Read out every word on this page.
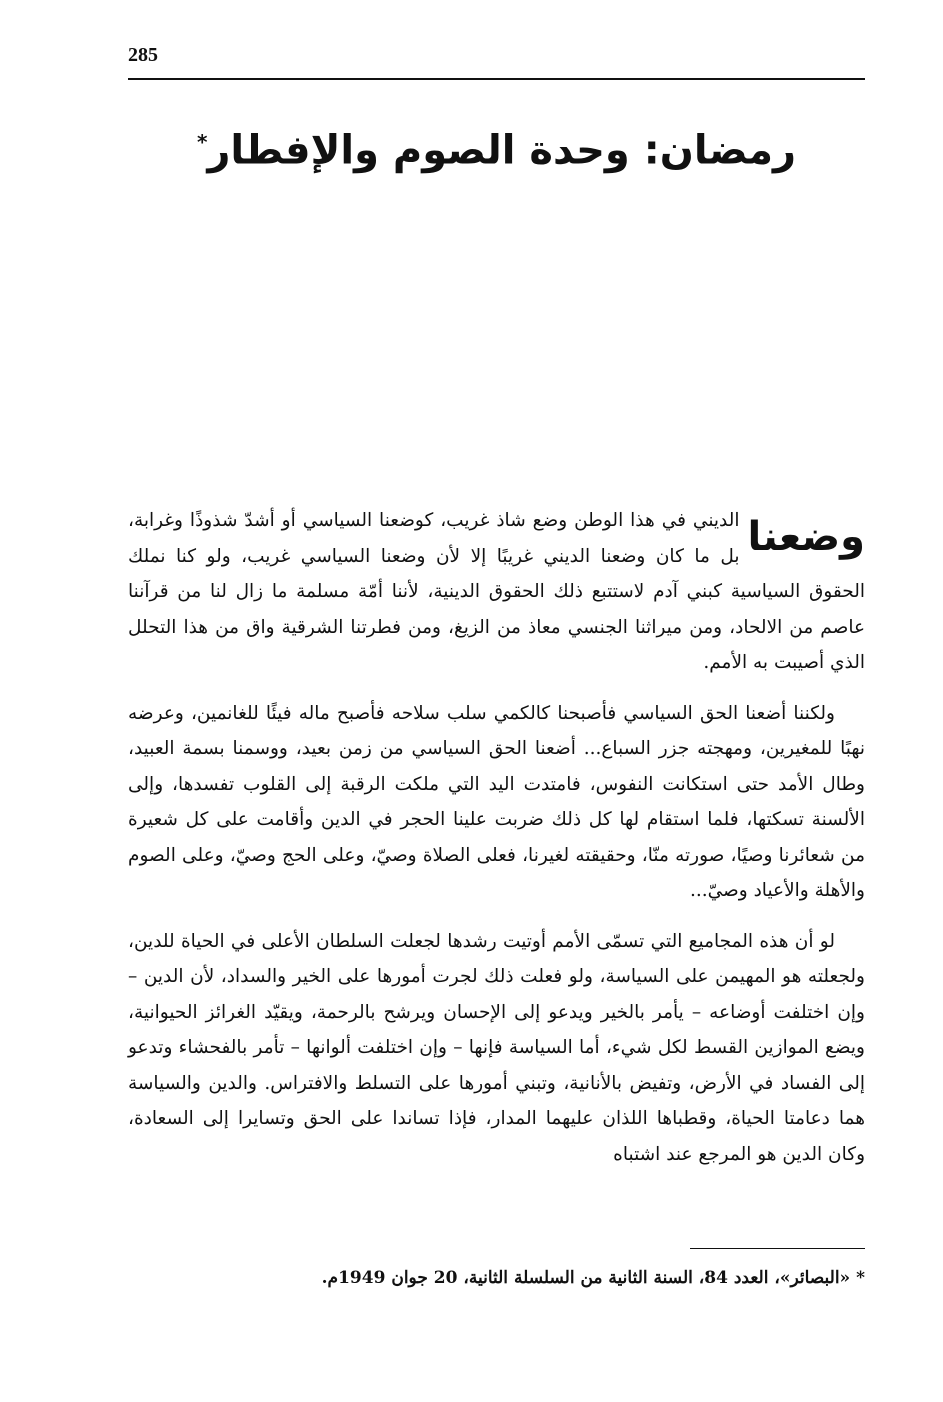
285
رمضان: وحدة الصوم والإفطار*

وضعنا
الديني في هذا الوطن وضع شاذ غريب، كوضعنا السياسي أو أشدّ شذوذًا وغرابة، بل ما كان وضعنا الديني غريبًا إلا لأن وضعنا السياسي غريب، ولو كنا نملك الحقوق السياسية كبني آدم لاستتبع ذلك الحقوق الدينية، لأننا أمّة مسلمة ما زال لنا من قرآننا عاصم من الالحاد، ومن ميراثنا الجنسي معاذ من الزيغ، ومن فطرتنا الشرقية واق من هذا التحلل الذي أصيبت به الأمم.

ولكننا أضعنا الحق السياسي فأصبحنا كالكمي سلب سلاحه فأصبح ماله فيئًا للغانمين، وعرضه نهبًا للمغيرين، ومهجته جزر السباع... أضعنا الحق السياسي من زمن بعيد، ووسمنا بسمة العبيد، وطال الأمد حتى استكانت النفوس، فامتدت اليد التي ملكت الرقبة إلى القلوب تفسدها، وإلى الألسنة تسكتها، فلما استقام لها كل ذلك ضربت علينا الحجر في الدين وأقامت على كل شعيرة من شعائرنا وصيًا، صورته منّا، وحقيقته لغيرنا، فعلى الصلاة وصيّ، وعلى الحج وصيّ، وعلى الصوم والأهلة والأعياد وصيّ...

لو أن هذه المجاميع التي تسمّى الأمم أوتيت رشدها لجعلت السلطان الأعلى في الحياة للدين، ولجعلته هو المهيمن على السياسة، ولو فعلت ذلك لجرت أمورها على الخير والسداد، لأن الدين – وإن اختلفت أوضاعه – يأمر بالخير ويدعو إلى الإحسان ويرشح بالرحمة، ويقيّد الغرائز الحيوانية، ويضع الموازين القسط لكل شيء، أما السياسة فإنها – وإن اختلفت ألوانها – تأمر بالفحشاء وتدعو إلى الفساد في الأرض، وتفيض بالأنانية، وتبني أمورها على التسلط والافتراس. والدين والسياسة هما دعامتا الحياة، وقطباها اللذان عليهما المدار، فإذا تساندا على الحق وتسايرا إلى السعادة، وكان الدين هو المرجع عند اشتباه

* «البصائر»، العدد 84، السنة الثانية من السلسلة الثانية، 20 جوان 1949م.
